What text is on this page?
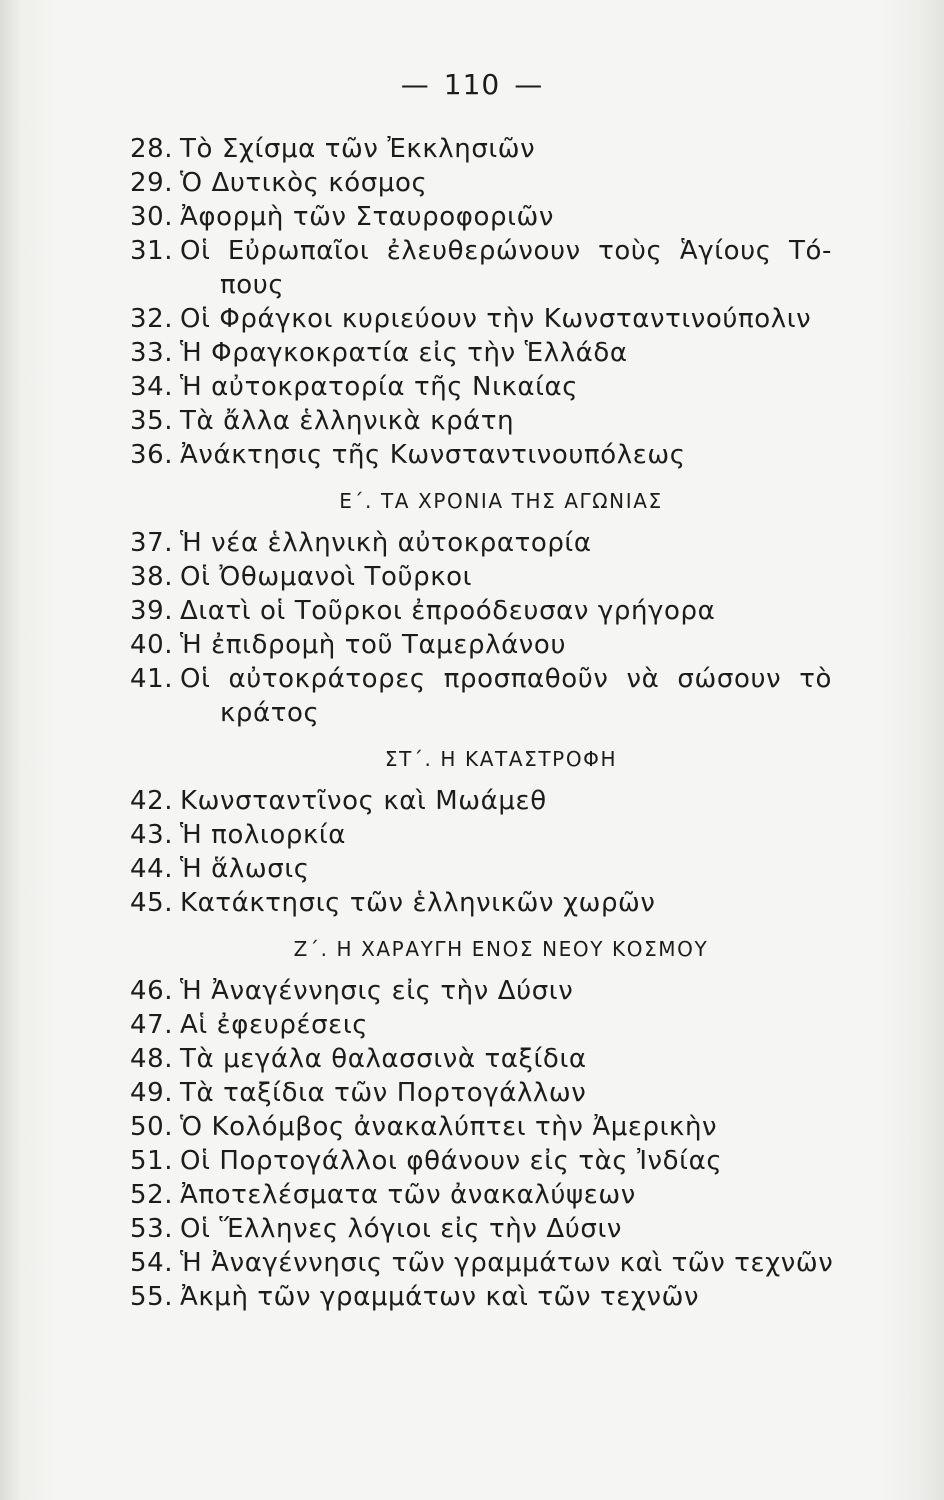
— 110 —
28. Τὸ Σχίσμα τῶν Ἐκκλησιῶν
29. Ὁ Δυτικὸς κόσμος
30. Ἀφορμὴ τῶν Σταυροφοριῶν
31. Οἱ Εὐρωπαῖοι ἐλευθερώνουν τοὺς Ἁγίους Τό-
πους
32. Οἱ Φράγκοι κυριεύουν τὴν Κωνσταντινούπολιν
33. Ἡ Φραγκοκρατία εἰς τὴν Ἑλλάδα
34. Ἡ αὐτοκρατορία τῆς Νικαίας
35. Τὰ ἄλλα ἑλληνικὰ κράτη
36. Ἀνάκτησις τῆς Κωνσταντινουπόλεως
Ε΄. ΤΑ ΧΡΟΝΙΑ ΤΗΣ ΑΓΩΝΙΑΣ
37. Ἡ νέα ἑλληνικὴ αὐτοκρατορία
38. Οἱ Ὀθωμανοὶ Τοῦρκοι
39. Διατὶ οἱ Τοῦρκοι ἐπροόδευσαν γρήγορα
40. Ἡ ἐπιδρομὴ τοῦ Ταμερλάνου
41. Οἱ αὐτοκράτορες προσπαθοῦν νὰ σώσουν τὸ
κράτος
ΣΤ΄. Η ΚΑΤΑΣΤΡΟΦΗ
42. Κωνσταντῖνος καὶ Μωάμεθ
43. Ἡ πολιορκία
44. Ἡ ἅλωσις
45. Κατάκτησις τῶν ἑλληνικῶν χωρῶν
Ζ΄. Η ΧΑΡΑΥΓΗ ΕΝΟΣ ΝΕΟΥ ΚΟΣΜΟΥ
46. Ἡ Ἀναγέννησις εἰς τὴν Δύσιν
47. Αἱ ἐφευρέσεις
48. Τὰ μεγάλα θαλασσινὰ ταξίδια
49. Τὰ ταξίδια τῶν Πορτογάλλων
50. Ὁ Κολόμβος ἀνακαλύπτει τὴν Ἀμερικὴν
51. Οἱ Πορτογάλλοι φθάνουν εἰς τὰς Ἰνδίας
52. Ἀποτελέσματα τῶν ἀνακαλύψεων
53. Οἱ Ἕλληνες λόγιοι εἰς τὴν Δύσιν
54. Ἡ Ἀναγέννησις τῶν γραμμάτων καὶ τῶν τεχνῶν
55. Ἀκμὴ τῶν γραμμάτων καὶ τῶν τεχνῶν
